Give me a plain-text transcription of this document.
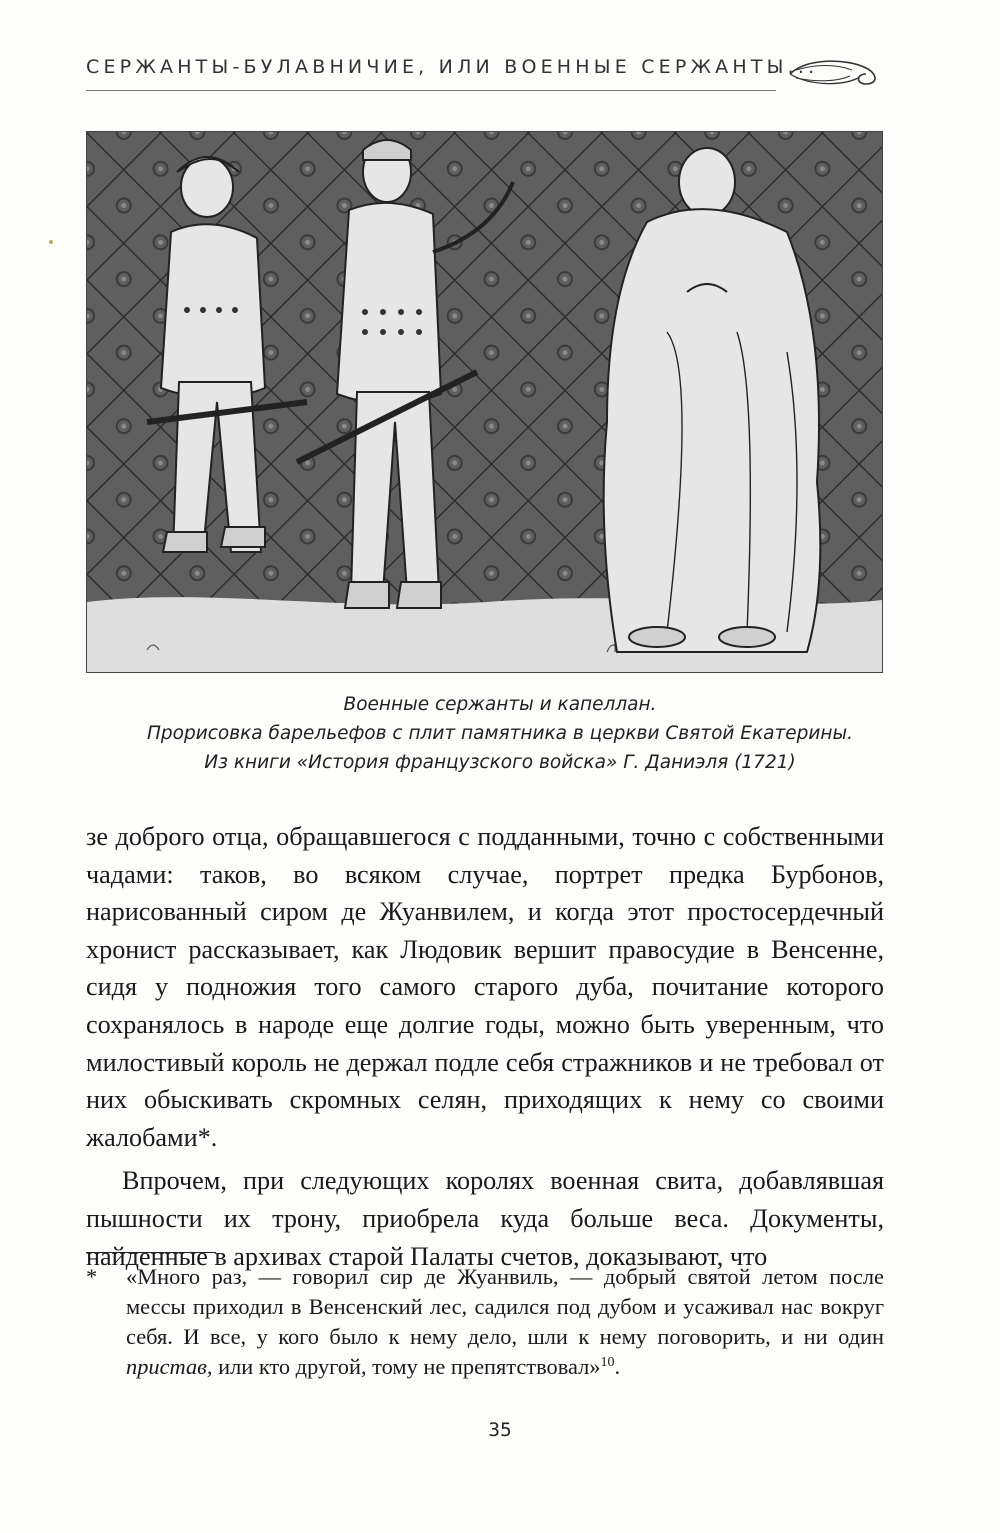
СЕРЖАНТЫ-БУЛАВНИЧИЕ, ИЛИ ВОЕННЫЕ СЕРЖАНТЫ...
Военные сержанты и капеллан.
Прорисовка барельефов с плит памятника в церкви Святой Екатерины.
Из книги «История французского войска» Г. Даниэля (1721)

зе доброго отца, обращавшегося с подданными, точно с собственными чадами: таков, во всяком случае, портрет предка Бурбонов, нарисованный сиром де Жуанвилем, и когда этот простосердечный хронист рассказывает, как Людовик вершит правосудие в Венсенне, сидя у подножия того самого старого дуба, почитание которого сохранялось в народе еще долгие годы, можно быть уверенным, что милостивый король не держал подле себя стражников и не требовал от них обыскивать скромных селян, приходящих к нему со своими жалобами*.

Впрочем, при следующих королях военная свита, добавлявшая пышности их трону, приобрела куда больше веса. Документы, найденные в архивах старой Палаты счетов, доказывают, что

* «Много раз, — говорил сир де Жуанвиль, — добрый святой летом после мессы приходил в Венсенский лес, садился под дубом и усаживал нас вокруг себя. И все, у кого было к нему дело, шли к нему поговорить, и ни один пристав, или кто другой, тому не препятствовал»$^{10}$.
35
